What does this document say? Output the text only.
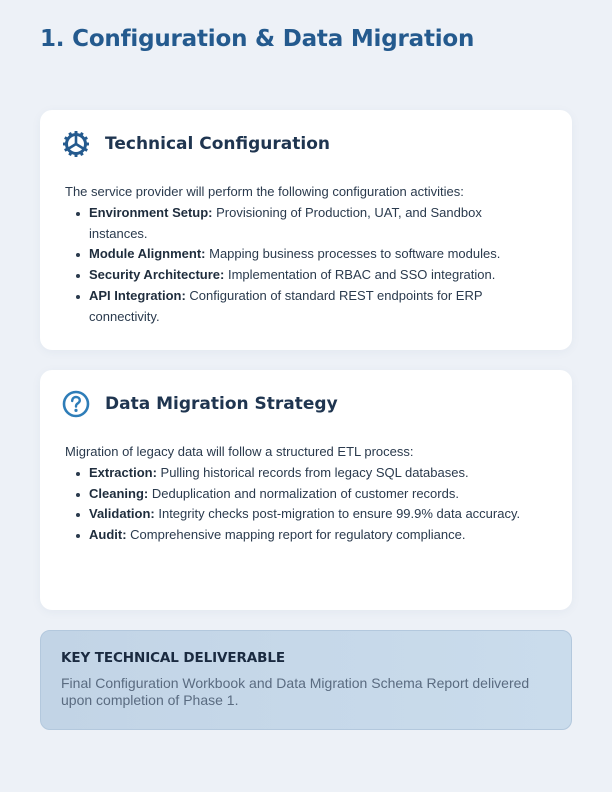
1. Configuration & Data Migration
Technical Configuration

The service provider will perform the following configuration activities:

Environment Setup: Provisioning of Production, UAT, and Sandbox instances.
Module Alignment: Mapping business processes to software modules.
Security Architecture: Implementation of RBAC and SSO integration.
API Integration: Configuration of standard REST endpoints for ERP connectivity.
Data Migration Strategy

Migration of legacy data will follow a structured ETL process:

Extraction: Pulling historical records from legacy SQL databases.
Cleaning: Deduplication and normalization of customer records.
Validation: Integrity checks post-migration to ensure 99.9% data accuracy.
Audit: Comprehensive mapping report for regulatory compliance.
KEY TECHNICAL DELIVERABLE

Final Configuration Workbook and Data Migration Schema Report delivered upon completion of Phase 1.
